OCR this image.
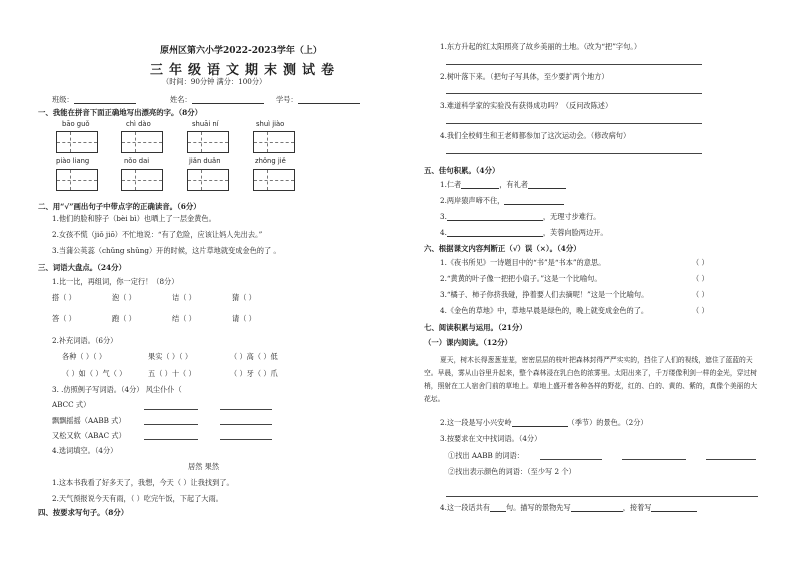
原州区第六小学2022-2023学年（上）
三年级语文期末测试卷
（时间：90分钟 满分：100分）
班级：	姓名：	学号：
一、我能在拼音下面正确地写出漂亮的字。（8分）
bāo guǒ	chì dào	shuāi ní	shuì jiào
piào liang	nǒo dai	jiǎn duǎn	zhǒng jiě
二、用“√”画出句子中带点字的正确读音。（6分）
1.他们的脸和脖子（bèi bì）也晒上了一层金黄色。
2.女孩不慌（jiǒ jiō）不忙地说：“有了危险，应该让妈人先出去。”
3.当蒲公英蕊（chǔng shǔng）开的时候，这片草地就变成金色的了 。
三、词语大盘点。（24分）
1.比一比，再组词，你一定行！（8分）
搭（ ）	泡（ ）	诘（ ）	猜（ ）
答（ ）	跑（ ）	结（ ）	请（ ）
2.补充词语。（6分）
各种（ ）（ ）	果实（ ）（ ）	（ ）高（ ）低
（ ）如（ ）气（ ）	五（ ）十（ ）	（ ）牙（ ）爪
3. .仿照例子写词语。（4分） 风尘仆仆（
ABCC 式）
飘飘摇摇（AABB 式）
又松又软（ABAC 式）
4.选词填空。（4分）
居然 果然
1.这本书我看了好多天了，我想，今天（ ）让我找到了。
2.天气预报说今天有雨，（ ）吃完午饭，下起了大雨。
四、按要求写句子。（8分）
1.东方升起的红太阳照亮了故乡美丽的土地。（改为“把”字句。）
2.树叶落下来。（把句子写具体，至少要扩两个地方）
3.难道科学家的实验没有获得成功吗？（反问改陈述）
4.我们全校师生和王老师都参加了这次运动会。（修改病句）
五、佳句积累。（4分）
1.仁者	，有礼者
2.两岸猿声啼不住，
3.	，无理寸步难行。
4.	，芙蓉向脸两边开。
六、根据课文内容判断正（√）误（×）。（4分）
1.《夜书所见》一诗题目中的“书”是“书本”的意思。	（ ）
2.“黄黄的叶子像一把把小扇子。”这是一个比喻句。	（ ）
3.“橘子、柿子你挤我碰，挣着要人们去摘呢！”这是一个比喻句。	（ ）
4.《金色的草地》中，草地早晨是绿色的，晚上就变成金色的了。	（ ）
七、阅读积累与运用。（21分）
（一）课内阅读。（12分）
夏天，树木长得葱葱茏茏，密密层层的枝叶把森林封得严严实实的，挡住了人们的视线，遮住了蓝蓝的天空。早晨，雾从山谷里升起来，整个森林浸在乳白色的浓雾里。太阳出来了，千万缕像利剑一样的金光，穿过树梢，照射在工人宿舍门前的草地上。草地上盛开着各种各样的野花，红的、白的、黄的、紫的，真像个美丽的大花坛。
2.这一段是写小兴安岭	（季节）的景色。（2分）
3.按要求在文中找词语。（4分）
①找出 AABB 的词语：
②找出表示颜色的词语：（至少写 2 个）
4.这一段话共有 句。描写的景物先写	，接着写
